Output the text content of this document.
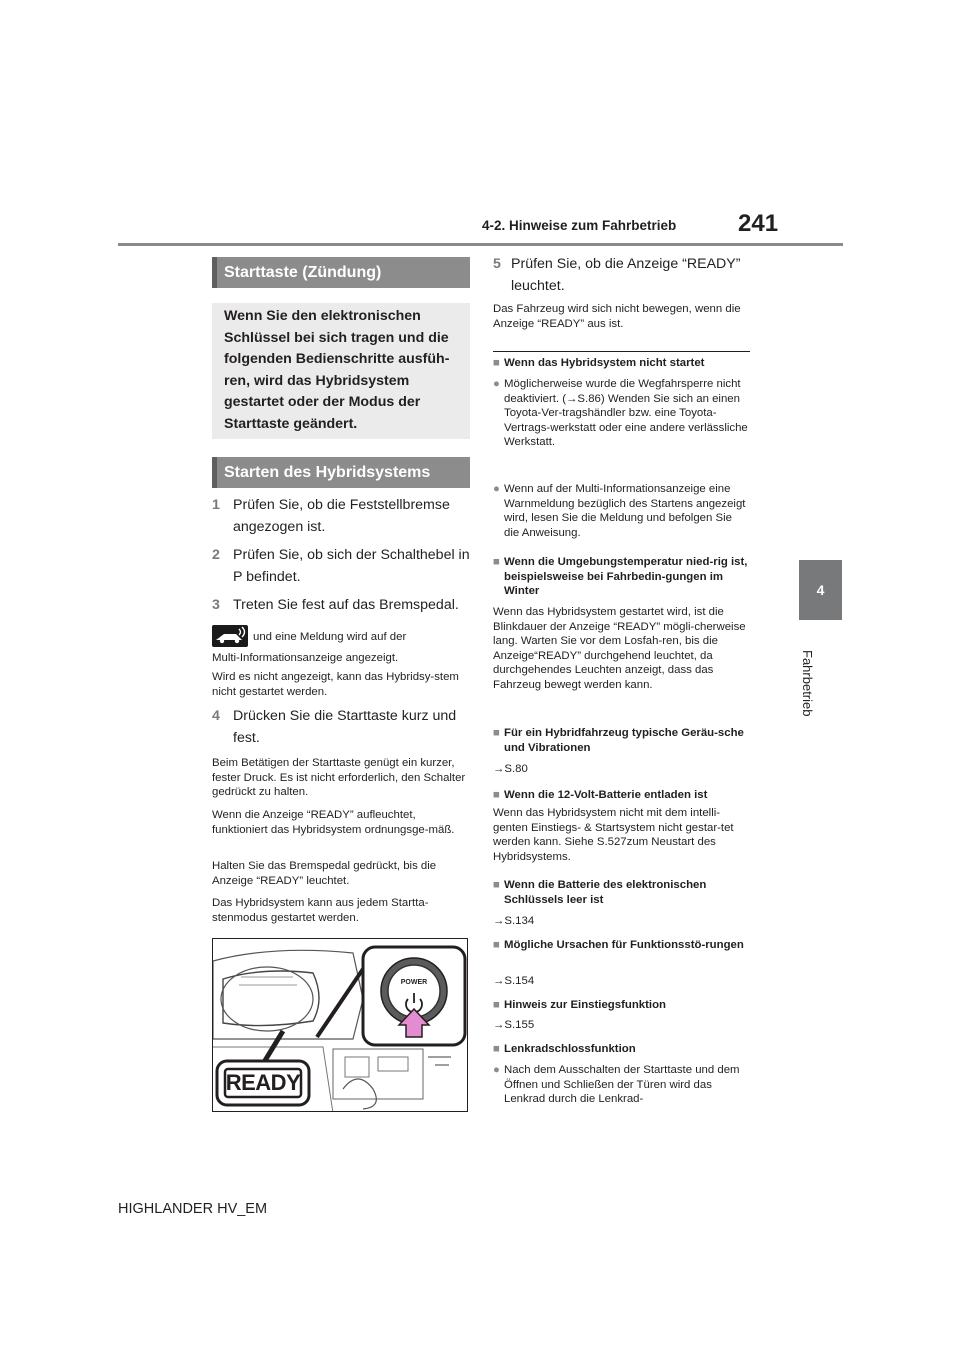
4-2. Hinweise zum Fahrbetrieb	241
4
Fahrbetrieb
Starttaste (Zündung)
Wenn Sie den elektronischen Schlüssel bei sich tragen und die folgenden Bedienschritte ausfüh-ren, wird das Hybridsystem gestartet oder der Modus der Starttaste geändert.
Starten des Hybridsystems
1 Prüfen Sie, ob die Feststellbremse angezogen ist.
2 Prüfen Sie, ob sich der Schalthebel in P befindet.
3 Treten Sie fest auf das Bremspedal.
und eine Meldung wird auf der
Multi-Informationsanzeige angezeigt.
Wird es nicht angezeigt, kann das Hybridsy-stem nicht gestartet werden.
4 Drücken Sie die Starttaste kurz und fest.
Beim Betätigen der Starttaste genügt ein kurzer, fester Druck. Es ist nicht erforderlich, den Schalter gedrückt zu halten.
Wenn die Anzeige “READY” aufleuchtet, funktioniert das Hybridsystem ordnungsge-mäß.
Halten Sie das Bremspedal gedrückt, bis die Anzeige “READY” leuchtet.
Das Hybridsystem kann aus jedem Startta-stenmodus gestartet werden.
POWER
READY
5 Prüfen Sie, ob die Anzeige “READY” leuchtet.
Das Fahrzeug wird sich nicht bewegen, wenn die Anzeige “READY” aus ist.
■ Wenn das Hybridsystem nicht startet
● Möglicherweise wurde die Wegfahrsperre nicht deaktiviert. (→S.86) Wenden Sie sich an einen Toyota-Ver-tragshändler bzw. eine Toyota-Vertrags-werkstatt oder eine andere verlässliche Werkstatt.
● Wenn auf der Multi-Informationsanzeige eine Warnmeldung bezüglich des Startens angezeigt wird, lesen Sie die Meldung und befolgen Sie die Anweisung.
■ Wenn die Umgebungstemperatur nied-rig ist, beispielsweise bei Fahrbedin-gungen im Winter
Wenn das Hybridsystem gestartet wird, ist die Blinkdauer der Anzeige “READY” mögli-cherweise lang. Warten Sie vor dem Losfah-ren, bis die Anzeige“READY” durchgehend leuchtet, da durchgehendes Leuchten anzeigt, dass das Fahrzeug bewegt werden kann.
■ Für ein Hybridfahrzeug typische Geräu-sche und Vibrationen
→S.80
■ Wenn die 12-Volt-Batterie entladen ist
Wenn das Hybridsystem nicht mit dem intelli-genten Einstiegs- & Startsystem nicht gestar-tet werden kann. Siehe S.527zum Neustart des Hybridsystems.
■ Wenn die Batterie des elektronischen Schlüssels leer ist
→S.134
■ Mögliche Ursachen für Funktionsstö-rungen
→S.154
■ Hinweis zur Einstiegsfunktion
→S.155
■ Lenkradschlossfunktion
● Nach dem Ausschalten der Starttaste und dem Öffnen und Schließen der Türen wird das Lenkrad durch die Lenkrad-
HIGHLANDER HV_EM
